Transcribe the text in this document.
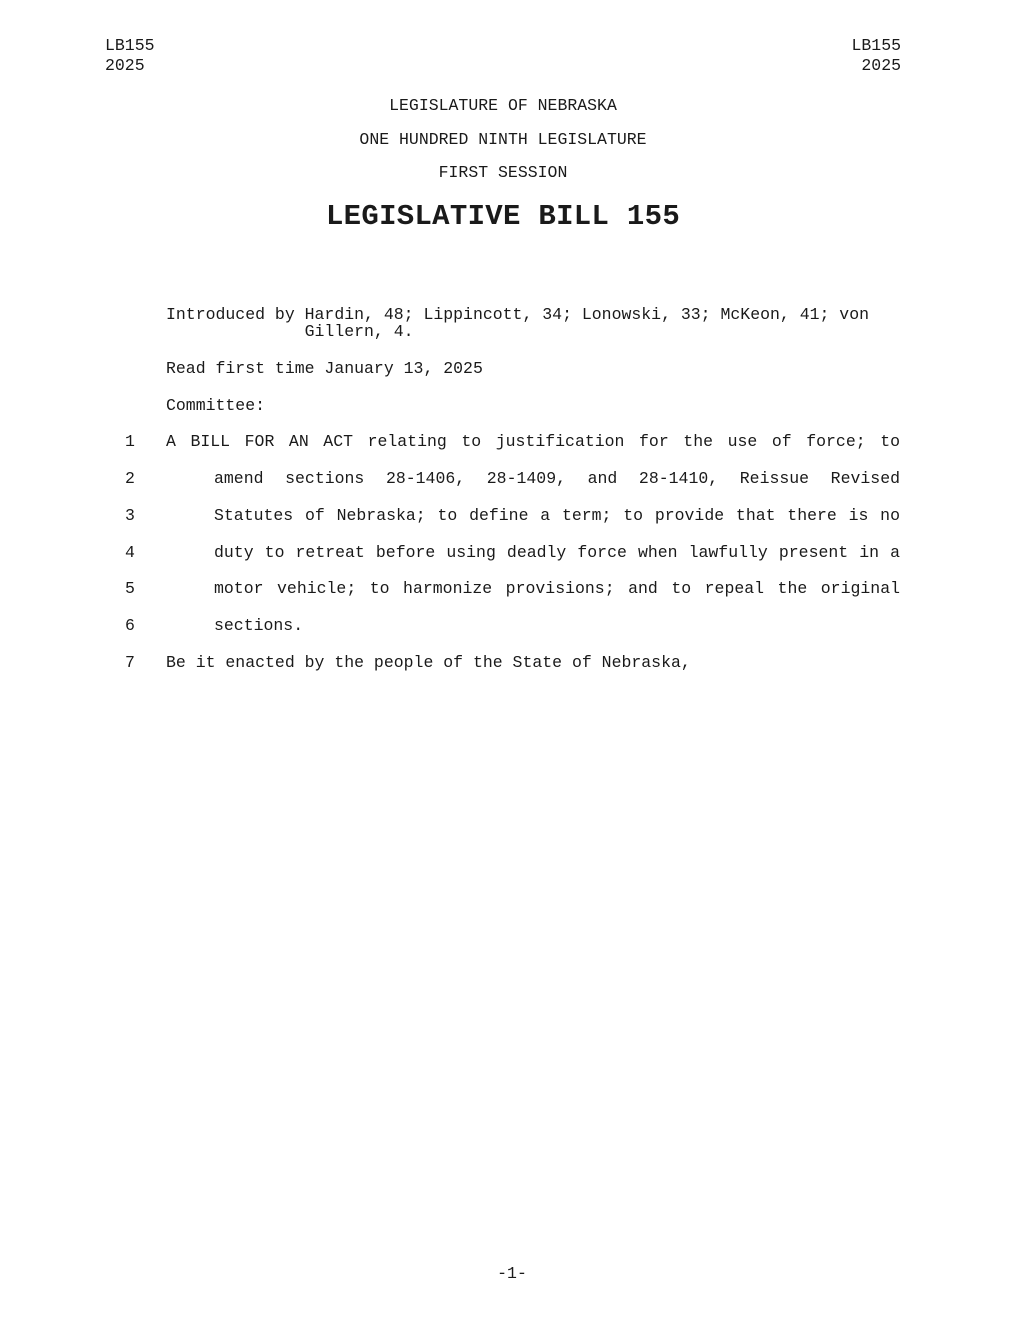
LB155
2025
LB155
2025
LEGISLATURE OF NEBRASKA
ONE HUNDRED NINTH LEGISLATURE
FIRST SESSION
LEGISLATIVE BILL 155
Introduced by Hardin, 48; Lippincott, 34; Lonowski, 33; McKeon, 41; von
Gillern, 4.
Read first time January 13, 2025
Committee:
1 A BILL FOR AN ACT relating to justification for the use of force; to
2	amend sections 28-1406, 28-1409, and 28-1410, Reissue Revised
3	Statutes of Nebraska; to define a term; to provide that there is no
4	duty to retreat before using deadly force when lawfully present in a
5	motor vehicle; to harmonize provisions; and to repeal the original
6	sections.
7 Be it enacted by the people of the State of Nebraska,
-1-
